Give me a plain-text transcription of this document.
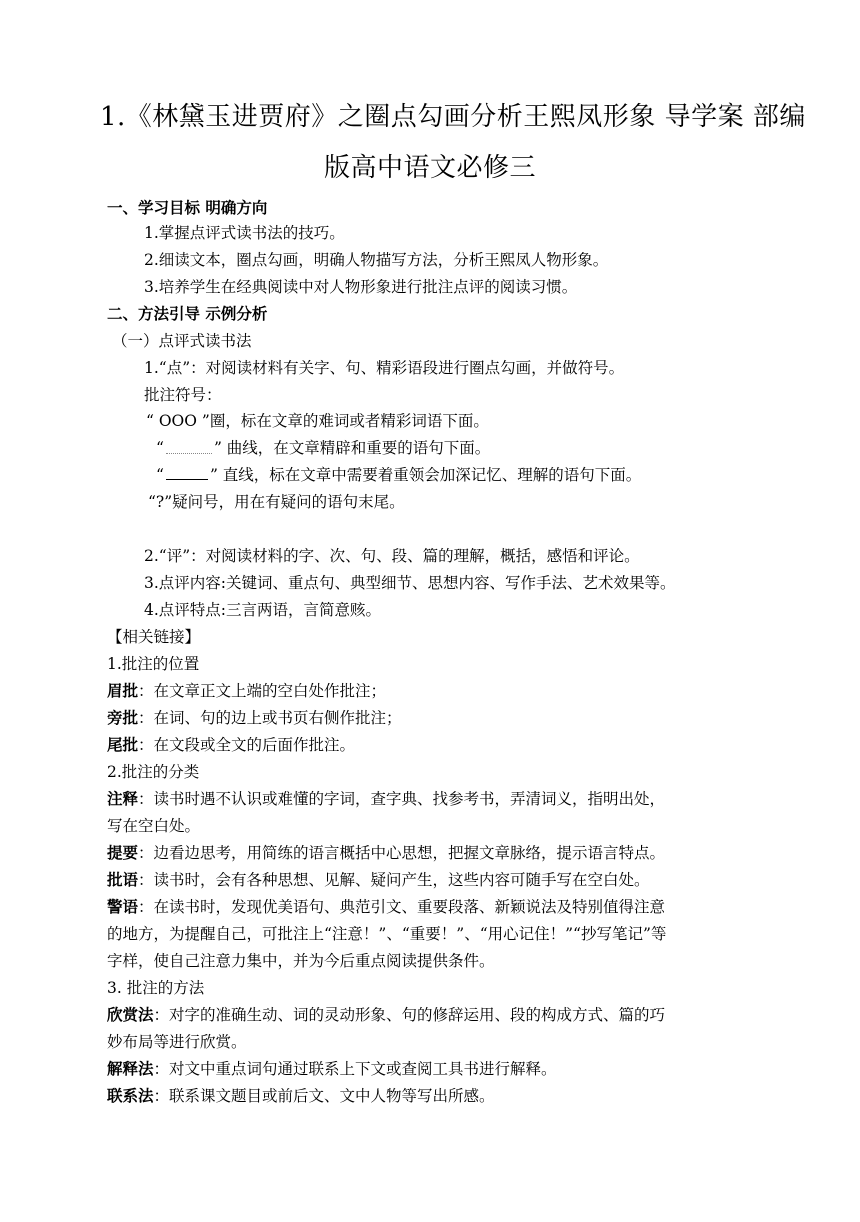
1.《林黛玉进贾府》之圈点勾画分析王熙凤形象 导学案 部编
版高中语文必修三
一、学习目标 明确方向
1.掌握点评式读书法的技巧。
2.细读文本，圈点勾画，明确人物描写方法，分析王熙凤人物形象。
3.培养学生在经典阅读中对人物形象进行批注点评的阅读习惯。
二、方法引导 示例分析
（一）点评式读书法
1.“点”：对阅读材料有关字、句、精彩语段进行圈点勾画，并做符号。
批注符号：
“ OOO ”圈，标在文章的难词或者精彩词语下面。
“	” 曲线，在文章精辟和重要的语句下面。
“	” 直线，标在文章中需要着重领会加深记忆、理解的语句下面。
“?”疑问号，用在有疑问的语句末尾。
2.“评”：对阅读材料的字、次、句、段、篇的理解，概括，感悟和评论。
3.点评内容:关键词、重点句、典型细节、思想内容、写作手法、艺术效果等。
4.点评特点:三言两语，言简意赅。
【相关链接】
1.批注的位置
眉批：在文章正文上端的空白处作批注；
旁批：在词、句的边上或书页右侧作批注；
尾批：在文段或全文的后面作批注。
2.批注的分类
注释：读书时遇不认识或难懂的字词，查字典、找参考书，弄清词义，指明出处，
写在空白处。
提要：边看边思考，用简练的语言概括中心思想，把握文章脉络，提示语言特点。
批语：读书时，会有各种思想、见解、疑问产生，这些内容可随手写在空白处。
警语：在读书时，发现优美语句、典范引文、重要段落、新颖说法及特别值得注意
的地方，为提醒自己，可批注上“注意！”、“重要！”、“用心记住！”“抄写笔记”等
字样，使自己注意力集中，并为今后重点阅读提供条件。
3. 批注的方法
欣赏法：对字的准确生动、词的灵动形象、句的修辞运用、段的构成方式、篇的巧
妙布局等进行欣赏。
解释法：对文中重点词句通过联系上下文或查阅工具书进行解释。
联系法：联系课文题目或前后文、文中人物等写出所感。
